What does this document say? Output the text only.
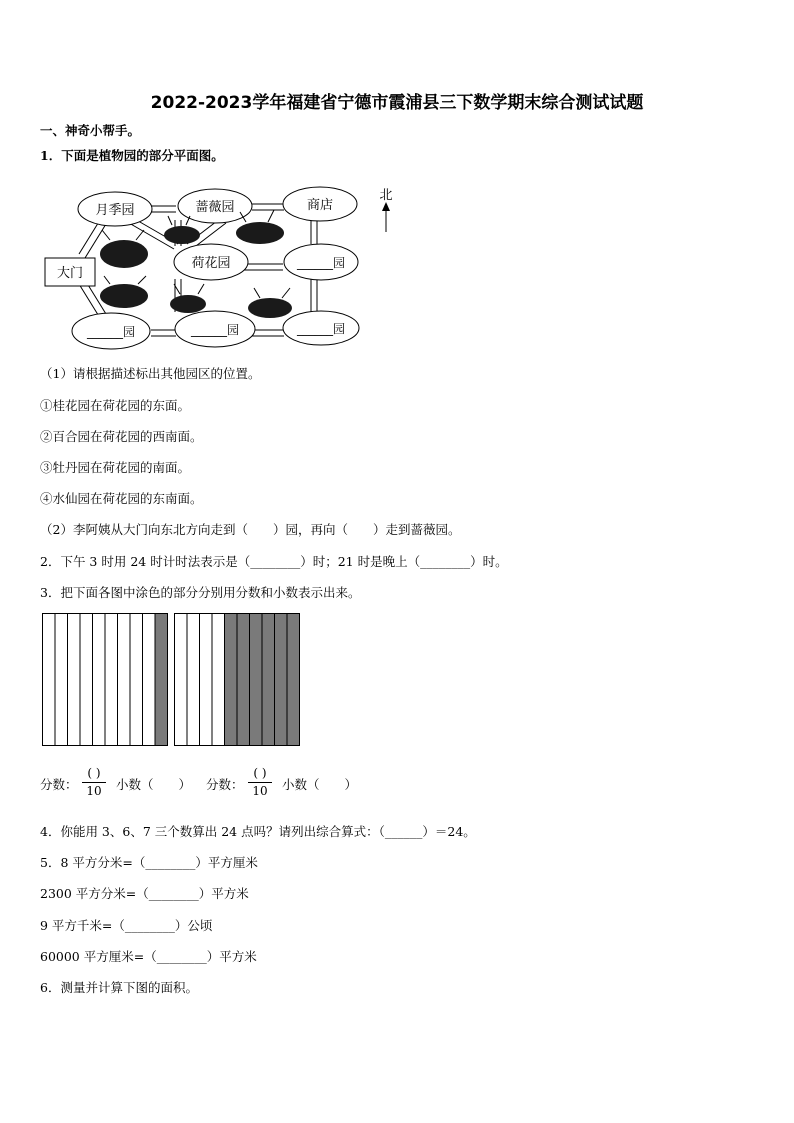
2022-2023学年福建省宁德市霞浦县三下数学期末综合测试试题
一、神奇小帮手。
1．下面是植物园的部分平面图。
月季园	蔷薇园	商店
荷花园	______园
______园	______园	______园
大门
北
（1）请根据描述标出其他园区的位置。
①桂花园在荷花园的东面。
②百合园在荷花园的西南面。
③牡丹园在荷花园的南面。
④水仙园在荷花园的东南面。
（2）李阿姨从大门向东北方向走到（　　）园，再向（　　）走到蔷薇园。
2．下午 3 时用 24 时计时法表示是（________）时；21 时是晚上（________）时。
3．把下面各图中涂色的部分分别用分数和小数表示出来。
分数：
( )
10	小数（　　） 分数：
( )
10	小数（　　）
4．你能用 3、6、7 三个数算出 24 点吗？请列出综合算式：（______）＝24。
5．8 平方分米=（________）平方厘米
2300 平方分米=（________）平方米
9 平方千米=（________）公顷
60000 平方厘米=（________）平方米
6．测量并计算下图的面积。
